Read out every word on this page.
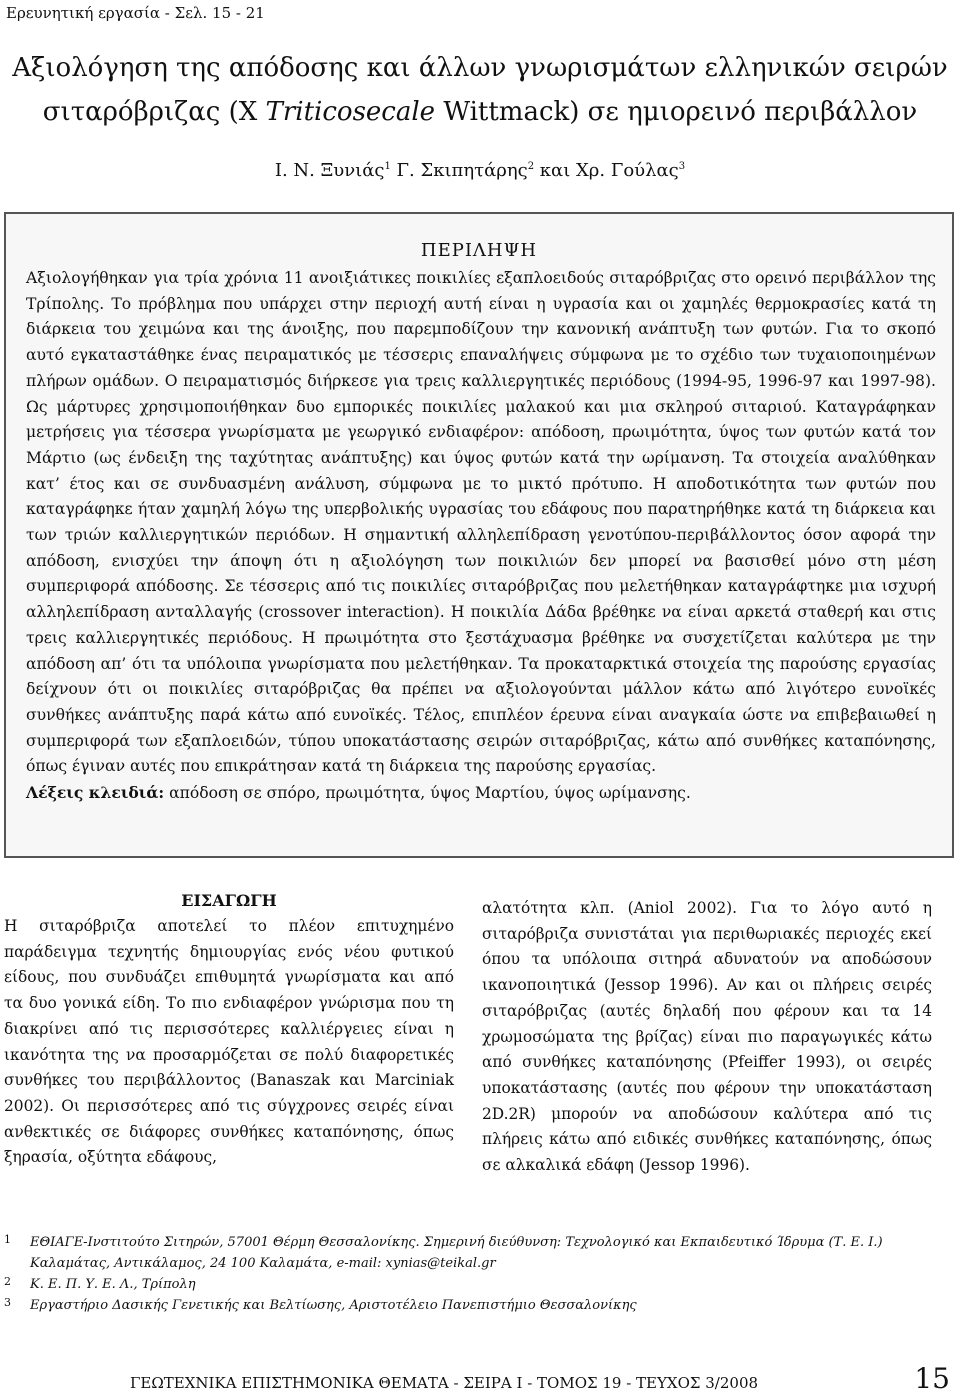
Ερευνητική εργασία - Σελ. 15 - 21
Αξιολόγηση της απόδοσης και άλλων γνωρισμάτων ελληνικών σειρών
σιταρόβριζας (X Triticosecale Wittmack) σε ημιορεινό περιβάλλον
Ι. Ν. Ξυνιάς$^1$ Γ. Σκιπητάρης$^2$ και Χρ. Γούλας$^3$
ΠΕΡΙΛΗΨΗ
Αξιολογήθηκαν για τρία χρόνια 11 ανοιξιάτικες ποικιλίες εξαπλοειδούς σιταρόβριζας στο ορεινό περιβάλλον της Τρίπολης. Το πρόβλημα που υπάρχει στην περιοχή αυτή είναι η υγρασία και οι χαμηλές θερμοκρασίες κατά τη διάρκεια του χειμώνα και της άνοιξης, που παρεμποδίζουν την κανονική ανάπτυξη των φυτών. Για το σκοπό αυτό εγκαταστάθηκε ένας πειραματικός με τέσσερις επαναλήψεις σύμφωνα με το σχέδιο των τυχαιοποιημένων πλήρων ομάδων. Ο πειραματισμός διήρκεσε για τρεις καλλιεργητικές περιόδους (1994-95, 1996-97 και 1997-98). Ως μάρτυρες χρησιμοποιήθηκαν δυο εμπορικές ποικιλίες μαλακού και μια σκληρού σιταριού. Καταγράφηκαν μετρήσεις για τέσσερα γνωρίσματα με γεωργικό ενδιαφέρον: απόδοση, πρωιμότητα, ύψος των φυτών κατά τον Μάρτιο (ως ένδειξη της ταχύτητας ανάπτυξης) και ύψος φυτών κατά την ωρίμανση. Τα στοιχεία αναλύθηκαν κατ’ έτος και σε συνδυασμένη ανάλυση, σύμφωνα με το μικτό πρότυπο. Η αποδοτικότητα των φυτών που καταγράφηκε ήταν χαμηλή λόγω της υπερβολικής υγρασίας του εδάφους που παρατηρήθηκε κατά τη διάρκεια και των τριών καλλιεργητικών περιόδων. Η σημαντική αλληλεπίδραση γενοτύπου-περιβάλλοντος όσον αφορά την απόδοση, ενισχύει την άποψη ότι η αξιολόγηση των ποικιλιών δεν μπορεί να βασισθεί μόνο στη μέση συμπεριφορά απόδοσης. Σε τέσσερις από τις ποικιλίες σιταρόβριζας που μελετήθηκαν καταγράφτηκε μια ισχυρή αλληλεπίδραση ανταλλαγής (crossover interaction). Η ποικιλία Δάδα βρέθηκε να είναι αρκετά σταθερή και στις τρεις καλλιεργητικές περιόδους. Η πρωιμότητα στο ξεστάχυασμα βρέθηκε να συσχετίζεται καλύτερα με την απόδοση απ’ ότι τα υπόλοιπα γνωρίσματα που μελετήθηκαν. Τα προκαταρκτικά στοιχεία της παρούσης εργασίας δείχνουν ότι οι ποικιλίες σιταρόβριζας θα πρέπει να αξιολογούνται μάλλον κάτω από λιγότερο ευνοϊκές συνθήκες ανάπτυξης παρά κάτω από ευνοϊκές. Τέλος, επιπλέον έρευνα είναι αναγκαία ώστε να επιβεβαιωθεί η συμπεριφορά των εξαπλοειδών, τύπου υποκατάστασης σειρών σιταρόβριζας, κάτω από συνθήκες καταπόνησης, όπως έγιναν αυτές που επικράτησαν κατά τη διάρκεια της παρούσης εργασίας.
Λέξεις κλειδιά: απόδοση σε σπόρο, πρωιμότητα, ύψος Μαρτίου, ύψος ωρίμανσης.
ΕΙΣΑΓΩΓΗ
Η σιταρόβριζα αποτελεί το πλέον επιτυχημένο παράδειγμα τεχνητής δημιουργίας ενός νέου φυτικού είδους, που συνδυάζει επιθυμητά γνωρίσματα και από τα δυο γονικά είδη. Το πιο ενδιαφέρον γνώρισμα που τη διακρίνει από τις περισσότερες καλλιέργειες είναι η ικανότητα της να προσαρμόζεται σε πολύ διαφορετικές συνθήκες του περιβάλλοντος (Banaszak και Marciniak 2002). Οι περισσότερες από τις σύγχρονες σειρές είναι ανθεκτικές σε διάφορες συνθήκες καταπόνησης, όπως ξηρασία, οξύτητα εδάφους,
αλατότητα κλπ. (Aniol 2002). Για το λόγο αυτό η σιταρόβριζα συνιστάται για περιθωριακές περιοχές εκεί όπου τα υπόλοιπα σιτηρά αδυνατούν να αποδώσουν ικανοποιητικά (Jessop 1996). Αν και οι πλήρεις σειρές σιταρόβριζας (αυτές δηλαδή που φέρουν και τα 14 χρωμοσώματα της βρίζας) είναι πιο παραγωγικές κάτω από συνθήκες καταπόνησης (Pfeiffer 1993), οι σειρές υποκατάστασης (αυτές που φέρουν την υποκατάσταση 2D.2R) μπορούν να αποδώσουν καλύτερα από τις πλήρεις κάτω από ειδικές συνθήκες καταπόνησης, όπως σε αλκαλικά εδάφη (Jessop 1996).
1 ΕΘΙΑΓΕ-Ινστιτούτο Σιτηρών, 57001 Θέρμη Θεσσαλονίκης. Σημερινή διεύθυνση: Τεχνολογικό και Εκπαιδευτικό Ίδρυμα (Τ. Ε. Ι.) Καλαμάτας, Αντικάλαμος, 24 100 Καλαμάτα, e-mail: xynias@teikal.gr
2 Κ. Ε. Π. Υ. Ε. Λ., Τρίπολη
3 Εργαστήριο Δασικής Γενετικής και Βελτίωσης, Αριστοτέλειο Πανεπιστήμιο Θεσσαλονίκης
ΓΕΩΤΕΧΝΙΚΑ ΕΠΙΣΤΗΜΟΝΙΚΑ ΘΕΜΑΤΑ - ΣΕΙΡΑ I - ΤΟΜΟΣ 19 - ΤΕΥΧΟΣ 3/2008	15
